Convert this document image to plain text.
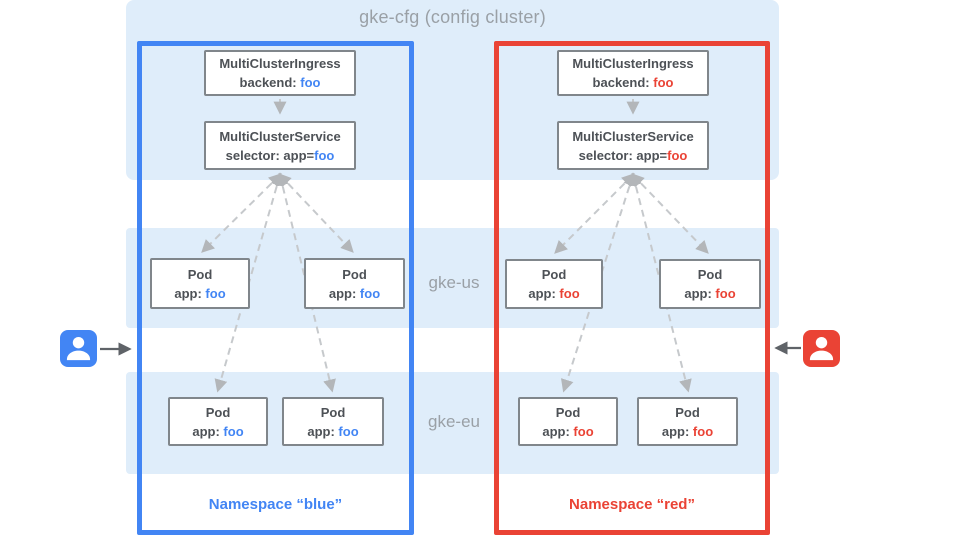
gke-cfg (config cluster)
gke-us
gke-eu
MultiClusterIngress
backend: foo
MultiClusterService
selector: app=foo
Pod
app: foo
Pod
app: foo
Pod
app: foo
Pod
app: foo
MultiClusterIngress
backend: foo
MultiClusterService
selector: app=foo
Pod
app: foo
Pod
app: foo
Pod
app: foo
Pod
app: foo
Namespace “blue”	Namespace “red”
